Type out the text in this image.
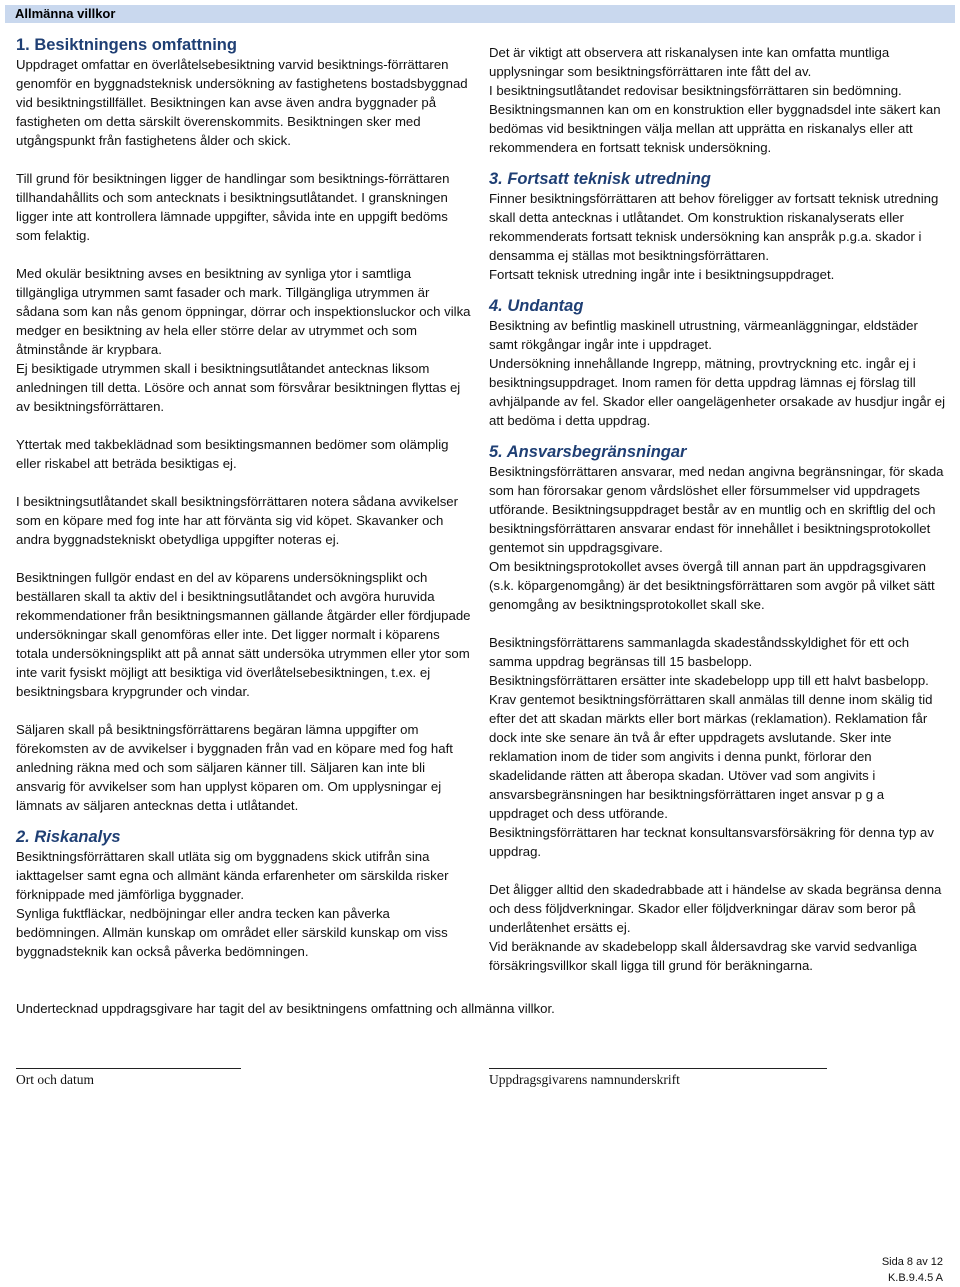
Allmänna villkor
1. Besiktningens omfattning

Uppdraget omfattar en överlåtelsebesiktning varvid besiktnings-förrättaren genomför en byggnadsteknisk undersökning av fastighetens bostadsbyggnad vid besiktningstillfället. Besiktningen kan avse även andra byggnader på fastigheten om detta särskilt överenskommits. Besiktningen sker med utgångspunkt från fastighetens ålder och skick.

Till grund för besiktningen ligger de handlingar som besiktnings-förrättaren tillhandahållits och som antecknats i besiktningsutlåtandet. I granskningen ligger inte att kontrollera lämnade uppgifter, såvida inte en uppgift bedöms som felaktig.

Med okulär besiktning avses en besiktning av synliga ytor i samtliga tillgängliga utrymmen samt fasader och mark. Tillgängliga utrymmen är sådana som kan nås genom öppningar, dörrar och inspektionsluckor och vilka medger en besiktning av hela eller större delar av utrymmet och som åtminstånde är krypbara.

Ej besiktigade utrymmen skall i besiktningsutlåtandet antecknas liksom anledningen till detta. Lösöre och annat som försvårar besiktningen flyttas ej av besiktningsförrättaren.

Yttertak med takbeklädnad som besiktingsmannen bedömer som olämplig eller riskabel att beträda besiktigas ej.

I besiktningsutlåtandet skall besiktningsförrättaren notera sådana avvikelser som en köpare med fog inte har att förvänta sig vid köpet. Skavanker och andra byggnadstekniskt obetydliga uppgifter noteras ej.

Besiktningen fullgör endast en del av köparens undersökningsplikt och beställaren skall ta aktiv del i besiktningsutlåtandet och avgöra huruvida rekommendationer från besiktningsmannen gällande åtgärder eller fördjupade undersökningar skall genomföras eller inte. Det ligger normalt i köparens totala undersökningsplikt att på annat sätt undersöka utrymmen eller ytor som inte varit fysiskt möjligt att besiktiga vid överlåtelsebesiktningen, t.ex. ej besiktningsbara krypgrunder och vindar.

Säljaren skall på besiktningsförrättarens begäran lämna uppgifter om förekomsten av de avvikelser i byggnaden från vad en köpare med fog haft anledning räkna med och som säljaren känner till. Säljaren kan inte bli ansvarig för avvikelser som han upplyst köparen om. Om upplysningar ej lämnats av säljaren antecknas detta i utlåtandet.

2. Riskanalys

Besiktningsförrättaren skall utläta sig om byggnadens skick utifrån sina iakttagelser samt egna och allmänt kända erfarenheter om särskilda risker förknippade med jämförliga byggnader.

Synliga fuktfläckar, nedböjningar eller andra tecken kan påverka bedömningen. Allmän kunskap om området eller särskild kunskap om viss byggnadsteknik kan också påverka bedömningen.

Det är viktigt att observera att riskanalysen inte kan omfatta muntliga upplysningar som besiktningsförrättaren inte fått del av.

I besiktningsutlåtandet redovisar besiktningsförrättaren sin bedömning.

Besiktningsmannen kan om en konstruktion eller byggnadsdel inte säkert kan bedömas vid besiktningen välja mellan att upprätta en riskanalys eller att rekommendera en fortsatt teknisk undersökning.

3. Fortsatt teknisk utredning

Finner besiktningsförrättaren att behov föreligger av fortsatt teknisk utredning skall detta antecknas i utlåtandet. Om konstruktion riskanalyserats eller rekommenderats fortsatt teknisk undersökning kan anspråk p.g.a. skador i densamma ej ställas mot besiktningsförrättaren.

Fortsatt teknisk utredning ingår inte i besiktningsuppdraget.

4. Undantag

Besiktning av befintlig maskinell utrustning, värmeanläggningar, eldstäder samt rökgångar ingår inte i uppdraget.

Undersökning innehållande Ingrepp, mätning, provtryckning etc. ingår ej i besiktningsuppdraget. Inom ramen för detta uppdrag lämnas ej förslag till avhjälpande av fel. Skador eller oangelägenheter orsakade av husdjur ingår ej att bedöma i detta uppdrag.

5. Ansvarsbegränsningar

Besiktningsförrättaren ansvarar, med nedan angivna begränsningar, för skada som han förorsakar genom vårdslöshet eller försummelser vid uppdragets utförande. Besiktningsuppdraget består av en muntlig och en skriftlig del och besiktningsförrättaren ansvarar endast för innehållet i besiktningsprotokollet gentemot sin uppdragsgivare.

Om besiktningsprotokollet avses övergå till annan part än uppdragsgivaren (s.k. köpargenomgång) är det besiktningsförrättaren som avgör på vilket sätt genomgång av besiktningsprotokollet skall ske.

Besiktningsförrättarens sammanlagda skadeståndsskyldighet för ett och samma uppdrag begränsas till 15 basbelopp.

Besiktningsförrättaren ersätter inte skadebelopp upp till ett halvt basbelopp. Krav gentemot besiktningsförrättaren skall anmälas till denne inom skälig tid efter det att skadan märkts eller bort märkas (reklamation). Reklamation får dock inte ske senare än två år efter uppdragets avslutande. Sker inte reklamation inom de tider som angivits i denna punkt, förlorar den skadelidande rätten att åberopa skadan. Utöver vad som angivits i ansvarsbegränsningen har besiktningsförrättaren inget ansvar p g a uppdraget och dess utförande.

Besiktningsförrättaren har tecknat konsultansvarsförsäkring för denna typ av uppdrag.

Det åligger alltid den skadedrabbade att i händelse av skada begränsa denna och dess följdverkningar. Skador eller följdverkningar därav som beror på underlåtenhet ersätts ej.

Vid beräknande av skadebelopp skall åldersavdrag ske varvid sedvanliga försäkringsvillkor skall ligga till grund för beräkningarna.

Undertecknad uppdragsgivare har tagit del av besiktningens omfattning och allmänna villkor.
Ort och datum	Uppdragsgivarens namnunderskrift
Sida 8 av 12
K.B.9.4.5 A
